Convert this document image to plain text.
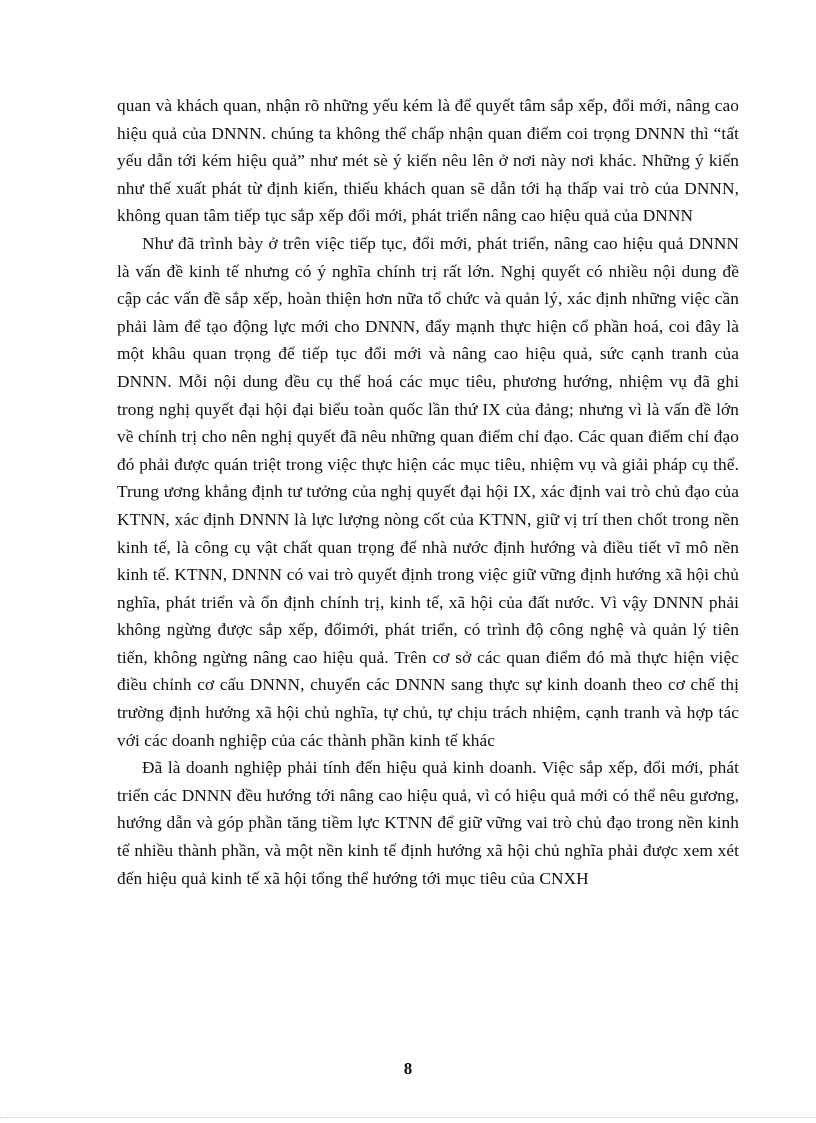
quan và khách quan, nhận rõ những yếu kém là để quyết tâm sắp xếp, đổi mới, nâng cao hiệu quả của DNNN. chúng ta không thể chấp nhận quan điểm coi trọng DNNN thì “tất yếu dẫn tới kém hiệu quả” như mét sè ý kiến nêu lên ở nơi này nơi khác. Những ý kiến như thế xuất phát từ định kiến, thiếu khách quan sẽ dẫn tới hạ thấp vai trò của DNNN, không quan tâm tiếp tục sắp xếp đổi mới, phát triển nâng cao hiệu quả của DNNN

Như đã trình bày ở trên việc tiếp tục, đổi mới, phát triển, nâng cao hiệu quả DNNN là vấn đề kinh tế nhưng có ý nghĩa chính trị rất lớn. Nghị quyết có nhiều nội dung đề cập các vấn đề sắp xếp, hoàn thiện hơn nữa tổ chức và quản lý, xác định những việc cần phải làm để tạo động lực mới cho DNNN, đẩy mạnh thực hiện cổ phần hoá, coi đây là một khâu quan trọng để tiếp tục đổi mới và nâng cao hiệu quả, sức cạnh tranh của DNNN. Mỗi nội dung đều cụ thể hoá các mục tiêu, phương hướng, nhiệm vụ đã ghi trong nghị quyết đại hội đại biểu toàn quốc lần thứ IX của đảng; nhưng vì là vấn đề lớn về chính trị cho nên nghị quyết đã nêu những quan điểm chỉ đạo. Các quan điểm chỉ đạo đó phải được quán triệt trong việc thực hiện các mục tiêu, nhiệm vụ và giải pháp cụ thể. Trung ương khẳng định tư tưởng của nghị quyết đại hội IX, xác định vai trò chủ đạo của KTNN, xác định DNNN là lực lượng nòng cốt của KTNN, giữ vị trí then chốt trong nền kinh tế, là công cụ vật chất quan trọng để nhà nước định hướng và điều tiết vĩ mô nền kinh tế. KTNN, DNNN có vai trò quyết định trong việc giữ vững định hướng xã hội chủ nghĩa, phát triển và ổn định chính trị, kinh tế, xã hội của đất nước. Vì vậy DNNN phải không ngừng được sắp xếp, đổimới, phát triển, có trình độ công nghệ và quản lý tiên tiến, không ngừng nâng cao hiệu quả. Trên cơ sở các quan điểm đó mà thực hiện việc điều chỉnh cơ cấu DNNN, chuyển các DNNN sang thực sự kinh doanh theo cơ chế thị trường định hướng xã hội chủ nghĩa, tự chủ, tự chịu trách nhiệm, cạnh tranh và hợp tác với các doanh nghiệp của các thành phần kinh tế khác

Đã là doanh nghiệp phải tính đến hiệu quả kinh doanh. Việc sắp xếp, đổi mới, phát triển các DNNN đều hướng tới nâng cao hiệu quả, vì có hiệu quả mới có thể nêu gương, hướng dẫn và góp phần tăng tiềm lực KTNN để giữ vững vai trò chủ đạo trong nền kinh tế nhiều thành phần, và một nền kinh tế định hướng xã hội chủ nghĩa phải được xem xét đến hiệu quả kinh tế xã hội tổng thể hướng tới mục tiêu của CNXH

8
